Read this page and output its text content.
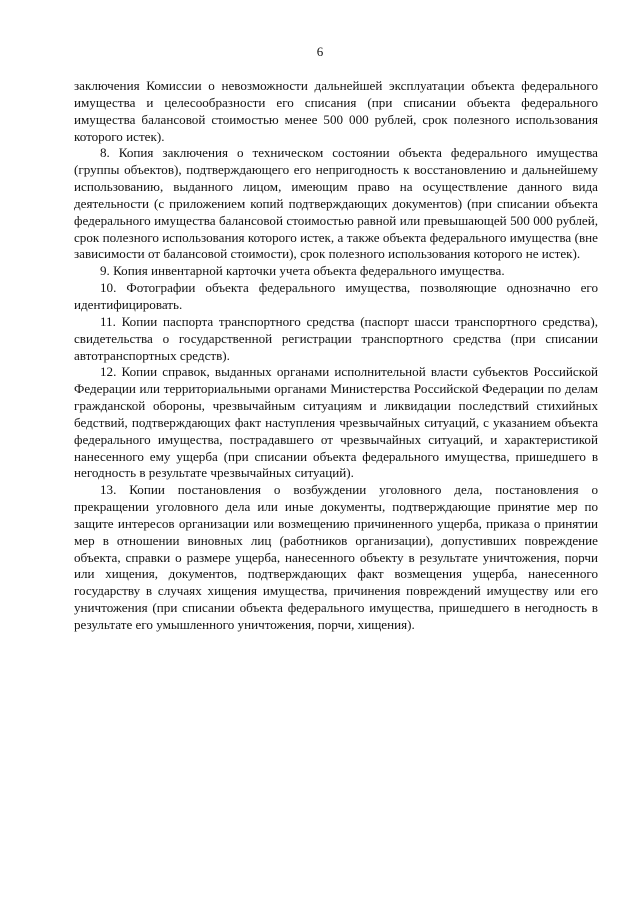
6

заключения Комиссии о невозможности дальнейшей эксплуатации объекта федерального имущества и целесообразности его списания (при списании объекта федерального имущества балансовой стоимостью менее 500 000 рублей, срок полезного использования которого истек).

8. Копия заключения о техническом состоянии объекта федерального имущества (группы объектов), подтверждающего его непригодность к восстановлению и дальнейшему использованию, выданного лицом, имеющим право на осуществление данного вида деятельности (с приложением копий подтверждающих документов) (при списании объекта федерального имущества балансовой стоимостью равной или превышающей 500 000 рублей, срок полезного использования которого истек, а также объекта федерального имущества (вне зависимости от балансовой стоимости), срок полезного использования которого не истек).

9. Копия инвентарной карточки учета объекта федерального имущества.

10. Фотографии объекта федерального имущества, позволяющие однозначно его идентифицировать.

11. Копии паспорта транспортного средства (паспорт шасси транспортного средства), свидетельства о государственной регистрации транспортного средства (при списании автотранспортных средств).

12. Копии справок, выданных органами исполнительной власти субъектов Российской Федерации или территориальными органами Министерства Российской Федерации по делам гражданской обороны, чрезвычайным ситуациям и ликвидации последствий стихийных бедствий, подтверждающих факт наступления чрезвычайных ситуаций, с указанием объекта федерального имущества, пострадавшего от чрезвычайных ситуаций, и характеристикой нанесенного ему ущерба (при списании объекта федерального имущества, пришедшего в негодность в результате чрезвычайных ситуаций).

13. Копии постановления о возбуждении уголовного дела, постановления о прекращении уголовного дела или иные документы, подтверждающие принятие мер по защите интересов организации или возмещению причиненного ущерба, приказа о принятии мер в отношении виновных лиц (работников организации), допустивших повреждение объекта, справки о размере ущерба, нанесенного объекту в результате уничтожения, порчи или хищения, документов, подтверждающих факт возмещения ущерба, нанесенного государству в случаях хищения имущества, причинения повреждений имуществу или его уничтожения (при списании объекта федерального имущества, пришедшего в негодность в результате его умышленного уничтожения, порчи, хищения).
